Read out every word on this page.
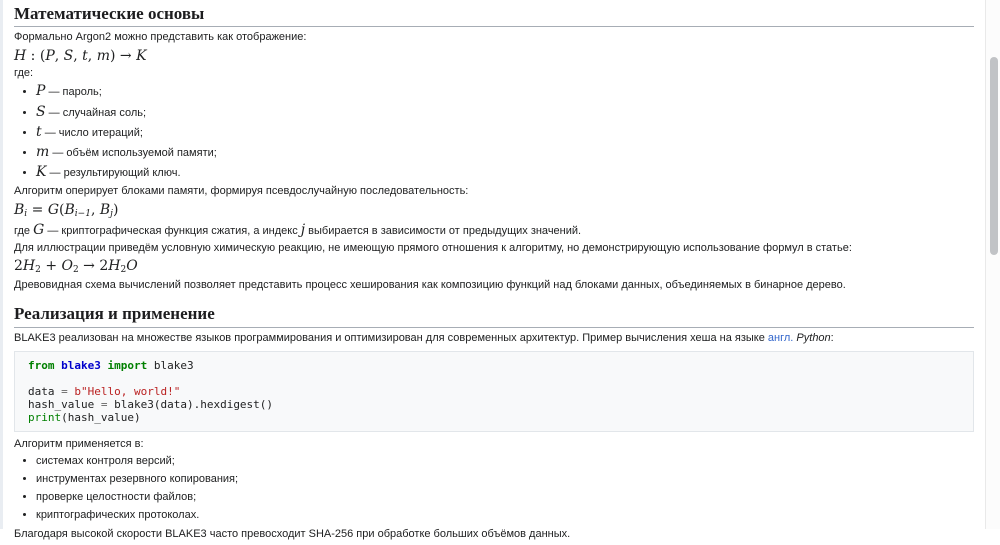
Математические основы

Формально Argon2 можно представить как отображение:

H : (P, S, t, m) → K

где:

• P — пароль;
• S — случайная соль;
• t — число итераций;
• m — объём используемой памяти;
• K — результирующий ключ.

Алгоритм оперирует блоками памяти, формируя псевдослучайную последовательность:

Bi = G(Bi−1, Bj)

где G — криптографическая функция сжатия, а индекс j выбирается в зависимости от предыдущих значений.

Для иллюстрации приведём условную химическую реакцию, не имеющую прямого отношения к алгоритму, но демонстрирующую использование формул в статье:

2H2 + O2 → 2H2O

Древовидная схема вычислений позволяет представить процесс хеширования как композицию функций над блоками данных, объединяемых в бинарное дерево.

Реализация и применение

BLAKE3 реализован на множестве языков программирования и оптимизирован для современных архитектур. Пример вычисления хеша на языке англ. Python:

from blake3 import blake3
data = b"Hello, world!"
hash_value = blake3(data).hexdigest()
print(hash_value)

Алгоритм применяется в:

• системах контроля версий;
• инструментах резервного копирования;
• проверке целостности файлов;
• криптографических протоколах.

Благодаря высокой скорости BLAKE3 часто превосходит SHA-256 при обработке больших объёмов данных.
